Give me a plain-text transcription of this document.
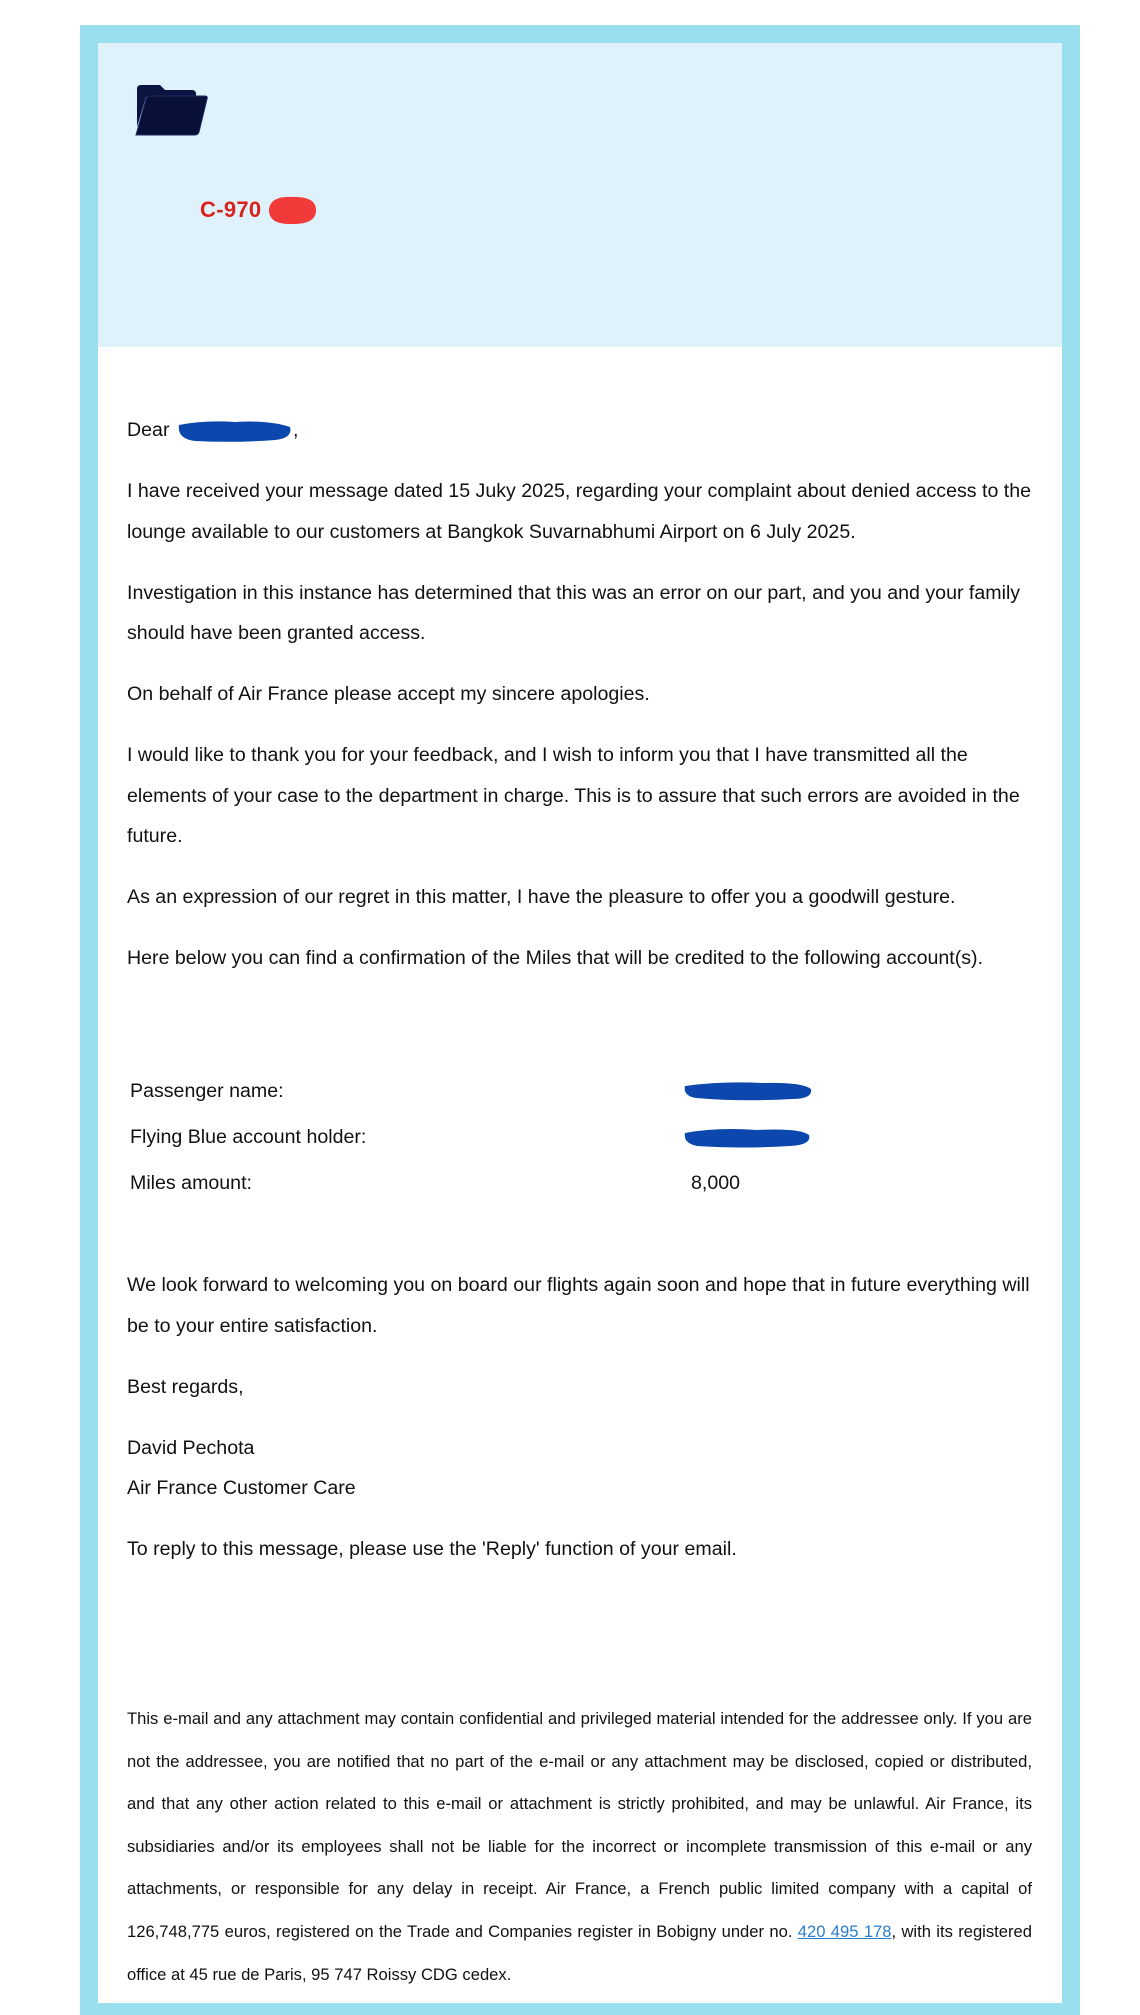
C-970

Dear	,

I have received your message dated 15 Juky 2025, regarding your complaint about denied access to the lounge available to our customers at Bangkok Suvarnabhumi Airport on 6 July 2025.

Investigation in this instance has determined that this was an error on our part, and you and your family should have been granted access.

On behalf of Air France please accept my sincere apologies.

I would like to thank you for your feedback, and I wish to inform you that I have transmitted all the elements of your case to the department in charge. This is to assure that such errors are avoided in the future.

As an expression of our regret in this matter, I have the pleasure to offer you a goodwill gesture.

Here below you can find a confirmation of the Miles that will be credited to the following account(s).

Passenger name:
Flying Blue account holder:
Miles amount:	8,000

We look forward to welcoming you on board our flights again soon and hope that in future everything will be to your entire satisfaction.

Best regards,

David Pechota

Air France Customer Care

To reply to this message, please use the 'Reply' function of your email.

This e-mail and any attachment may contain confidential and privileged material intended for the addressee only. If you are not the addressee, you are notified that no part of the e-mail or any attachment may be disclosed, copied or distributed, and that any other action related to this e-mail or attachment is strictly prohibited, and may be unlawful. Air France, its subsidiaries and/or its employees shall not be liable for the incorrect or incomplete transmission of this e-mail or any attachments, or responsible for any delay in receipt. Air France, a French public limited company with a capital of 126,748,775 euros, registered on the Trade and Companies register in Bobigny under no. 420 495 178, with its registered office at 45 rue de Paris, 95 747 Roissy CDG cedex.
